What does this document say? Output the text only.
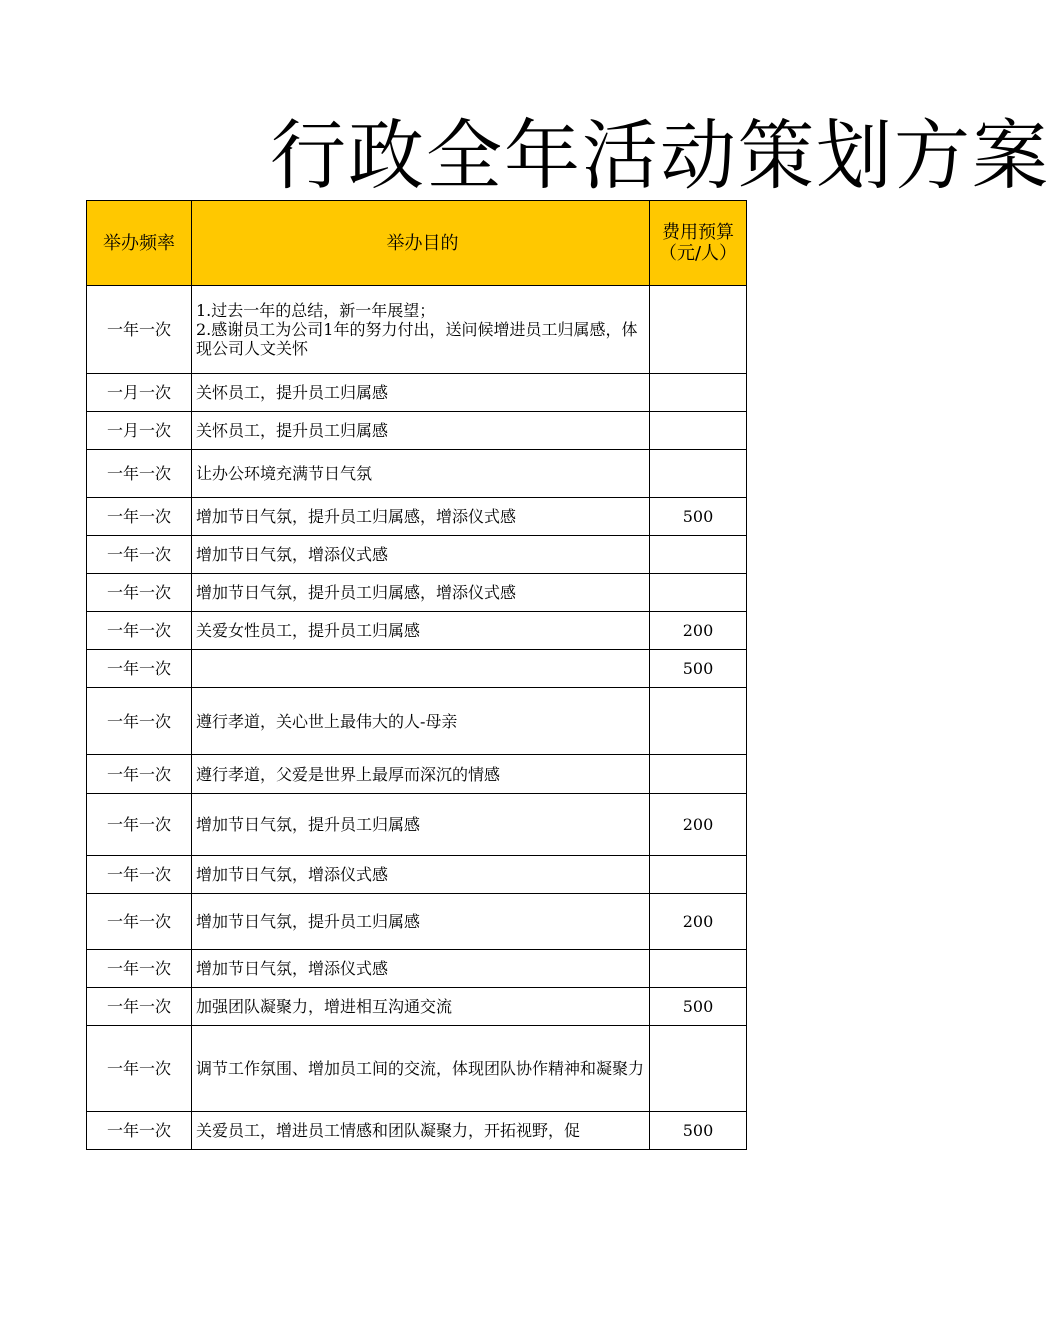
行政全年活动策划方案
举办频率	举办目的	费用预算（元/人）
一年一次	1.过去一年的总结，新一年展望；
2.感谢员工为公司1年的努力付出，送问候增进员工归属感，体现公司人文关怀	
一月一次	关怀员工，提升员工归属感	
一月一次	关怀员工，提升员工归属感	
一年一次	让办公环境充满节日气氛	
一年一次	增加节日气氛，提升员工归属感，增添仪式感	500
一年一次	增加节日气氛，增添仪式感	
一年一次	增加节日气氛，提升员工归属感，增添仪式感	
一年一次	关爱女性员工，提升员工归属感	200
一年一次		500
一年一次	遵行孝道，关心世上最伟大的人-母亲	
一年一次	遵行孝道，父爱是世界上最厚而深沉的情感	
一年一次	增加节日气氛，提升员工归属感	200
一年一次	增加节日气氛，增添仪式感	
一年一次	增加节日气氛，提升员工归属感	200
一年一次	增加节日气氛，增添仪式感	
一年一次	加强团队凝聚力，增进相互沟通交流	500
一年一次	调节工作氛围、增加员工间的交流，体现团队协作精神和凝聚力	
一年一次	关爱员工，增进员工情感和团队凝聚力，开拓视野，促	500
